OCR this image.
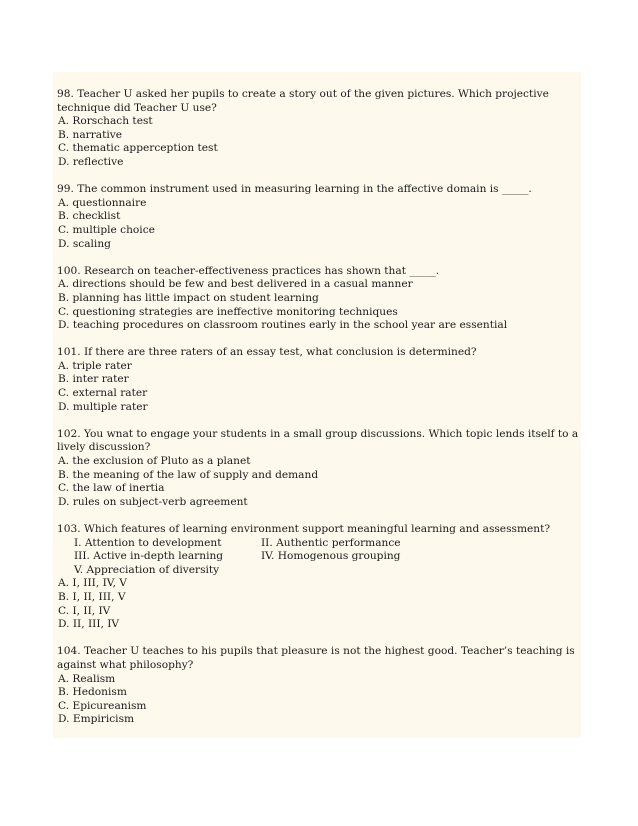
98. Teacher U asked her pupils to create a story out of the given pictures. Which projective technique did Teacher U use?

A. Rorschach test

B. narrative

C. thematic apperception test

D. reflective

99. The common instrument used in measuring learning in the affective domain is _____.

A. questionnaire

B. checklist

C. multiple choice

D. scaling

100. Research on teacher-effectiveness practices has shown that _____.

A. directions should be few and best delivered in a casual manner

B. planning has little impact on student learning

C. questioning strategies are ineffective monitoring techniques

D. teaching procedures on classroom routines early in the school year are essential

101. If there are three raters of an essay test, what conclusion is determined?

A. triple rater

B. inter rater

C. external rater

D. multiple rater

102. You wnat to engage your students in a small group discussions. Which topic lends itself to a lively discussion?

A. the exclusion of Pluto as a planet

B. the meaning of the law of supply and demand

C. the law of inertia

D. rules on subject-verb agreement

103. Which features of learning environment support meaningful learning and assessment?

I. Attention to development	II. Authentic performance
III. Active in-depth learning	IV. Homogenous grouping
V. Appreciation of diversity

A. I, III, IV, V

B. I, II, III, V

C. I, II, IV

D. II, III, IV

104. Teacher U teaches to his pupils that pleasure is not the highest good. Teacher’s teaching is against what philosophy?

A. Realism

B. Hedonism

C. Epicureanism

D. Empiricism
